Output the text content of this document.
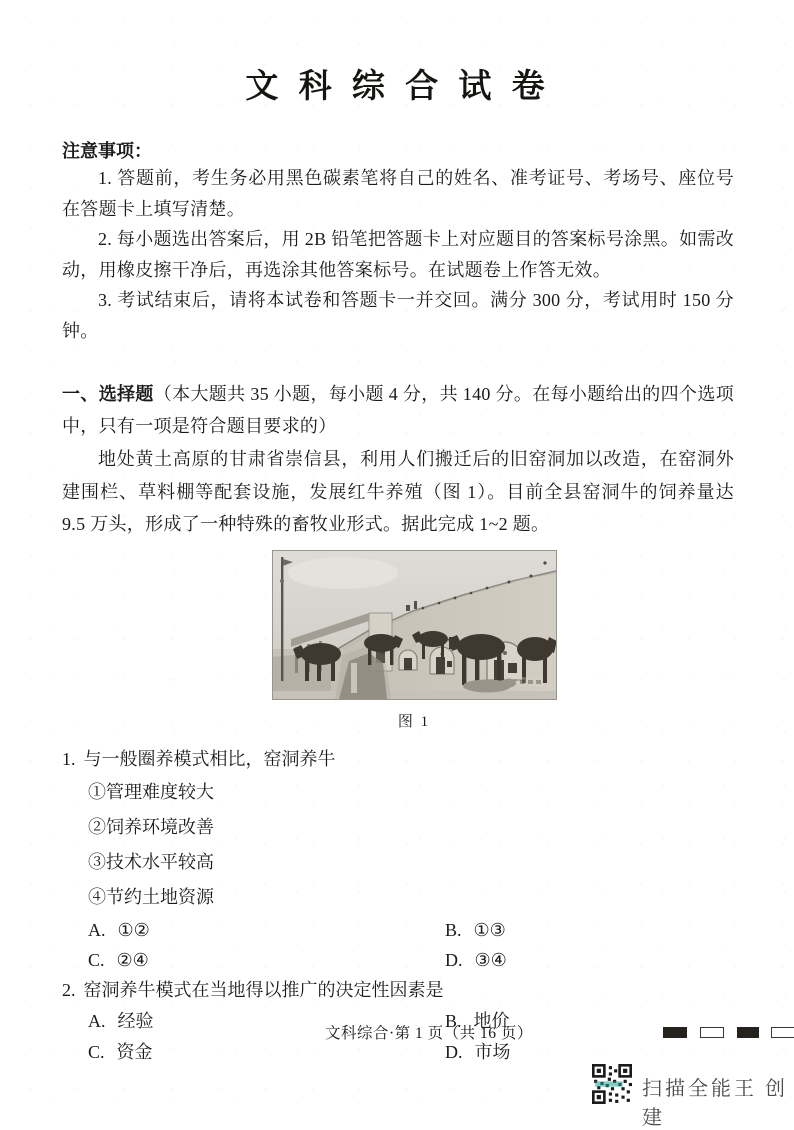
文 科 综 合 试 卷
注意事项：

1. 答题前，考生务必用黑色碳素笔将自己的姓名、准考证号、考场号、座位号在答题卡上填写清楚。

2. 每小题选出答案后，用 2B 铅笔把答题卡上对应题目的答案标号涂黑。如需改动，用橡皮擦干净后，再选涂其他答案标号。在试题卷上作答无效。

3. 考试结束后，请将本试卷和答题卡一并交回。满分 300 分，考试用时 150 分钟。

一、选择题（本大题共 35 小题，每小题 4 分，共 140 分。在每小题给出的四个选项中，只有一项是符合题目要求的）

地处黄土高原的甘肃省崇信县，利用人们搬迁后的旧窑洞加以改造，在窑洞外建围栏、草料棚等配套设施，发展红牛养殖（图 1）。目前全县窑洞牛的饲养量达 9.5 万头，形成了一种特殊的畜牧业形式。据此完成 1~2 题。

图 1

1. 与一般圈养模式相比，窑洞养牛

①管理难度较大

②饲养环境改善

③技术水平较高

④节约土地资源

A. ①②	B. ①③
C. ②④	D. ③④

2. 窑洞养牛模式在当地得以推广的决定性因素是

A. 经验	B. 地价
C. 资金	D. 市场
文科综合·第 1 页（共 16 页）
扫描全能王 创建
